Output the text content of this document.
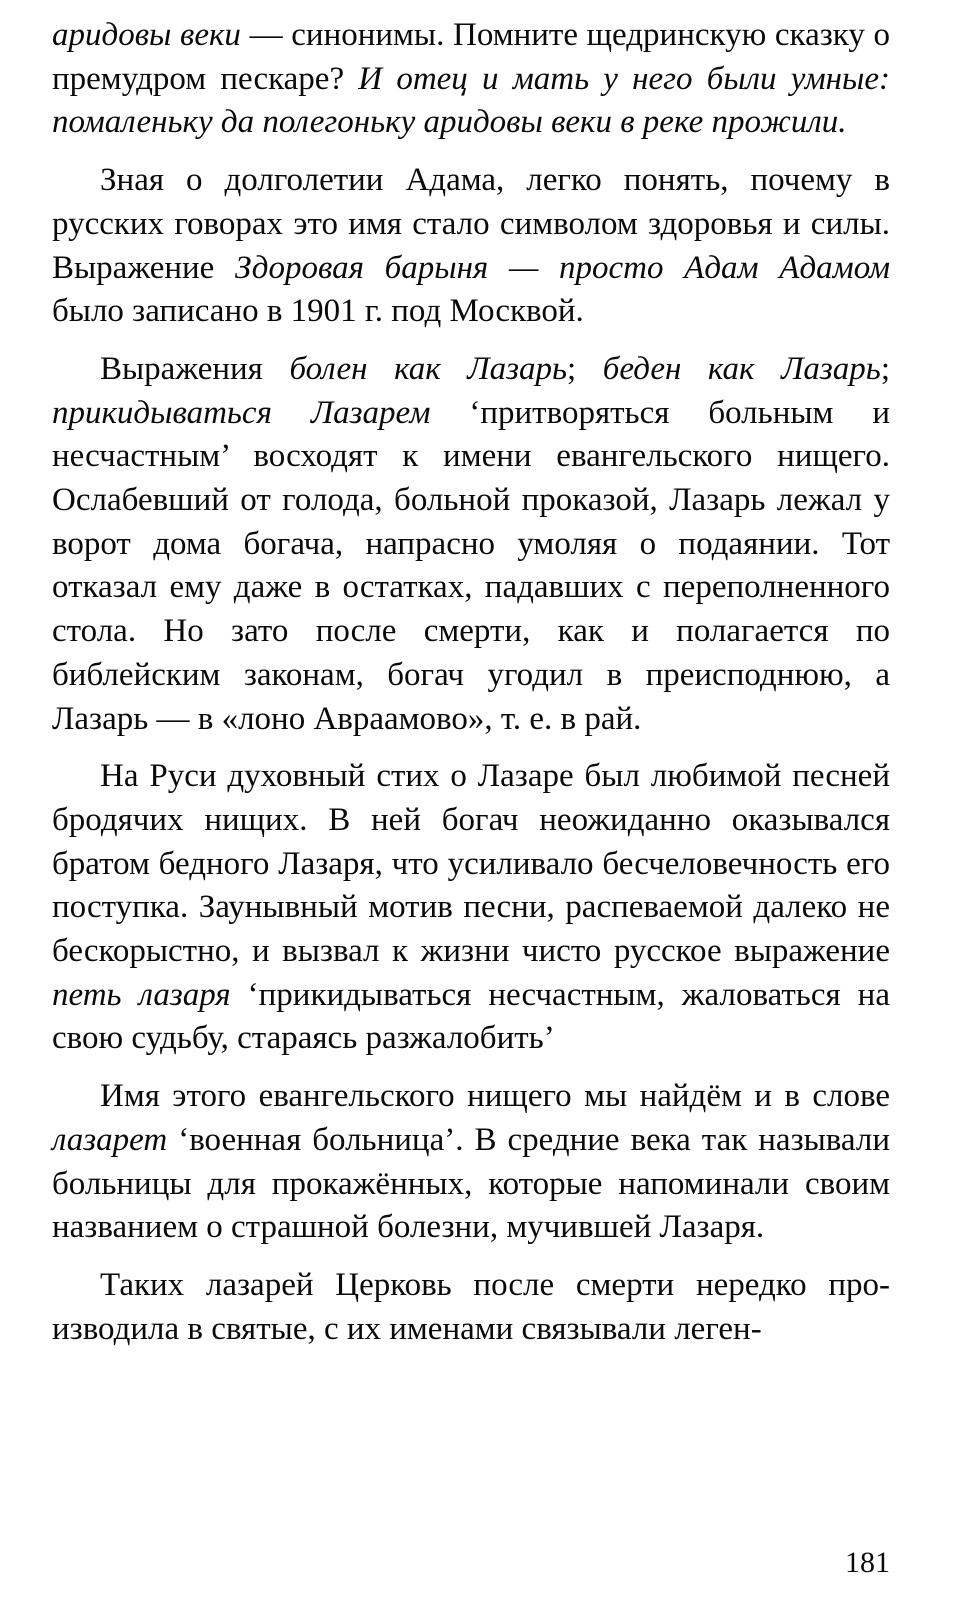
аридовы веки — синонимы. Помните щедринскую сказку о премудром пескаре? И отец и мать у него были умные: помаленьку да полегоньку аридовы веки в реке прожили.

Зная о долголетии Адама, легко понять, почему в русских говорах это имя стало символом здоровья и силы. Выражение Здоровая барыня — просто Адам Адамом было записано в 1901 г. под Москвой.

Выражения болен как Лазарь; беден как Лазарь; прикидываться Лазарем ‘притворяться больным и несчастным’ восходят к имени евангельского нищего. Ослабевший от голода, больной проказой, Лазарь лежал у ворот дома богача, напрасно умоляя о подаянии. Тот отказал ему даже в остатках, падавших с переполненного стола. Но зато после смерти, как и полагается по библейским законам, богач угодил в преисподнюю, а Лазарь — в «лоно Авраамово», т. е. в рай.

На Руси духовный стих о Лазаре был любимой песней бродячих нищих. В ней богач неожиданно оказывался братом бедного Лазаря, что усиливало бесчеловечность его поступка. Заунывный мотив песни, распеваемой далеко не бескорыстно, и вызвал к жизни чисто русское выражение петь лазаря ‘прикидываться несчастным, жаловаться на свою судьбу, стараясь разжалобить’

Имя этого евангельского нищего мы найдём и в слове лазарет ‘военная больница’. В средние века так называли больницы для прокажённых, которые напоминали своим названием о страшной болезни, мучившей Лазаря.

Таких лазарей Церковь после смерти нередко производила в святые, с их именами связывали леген-

181
